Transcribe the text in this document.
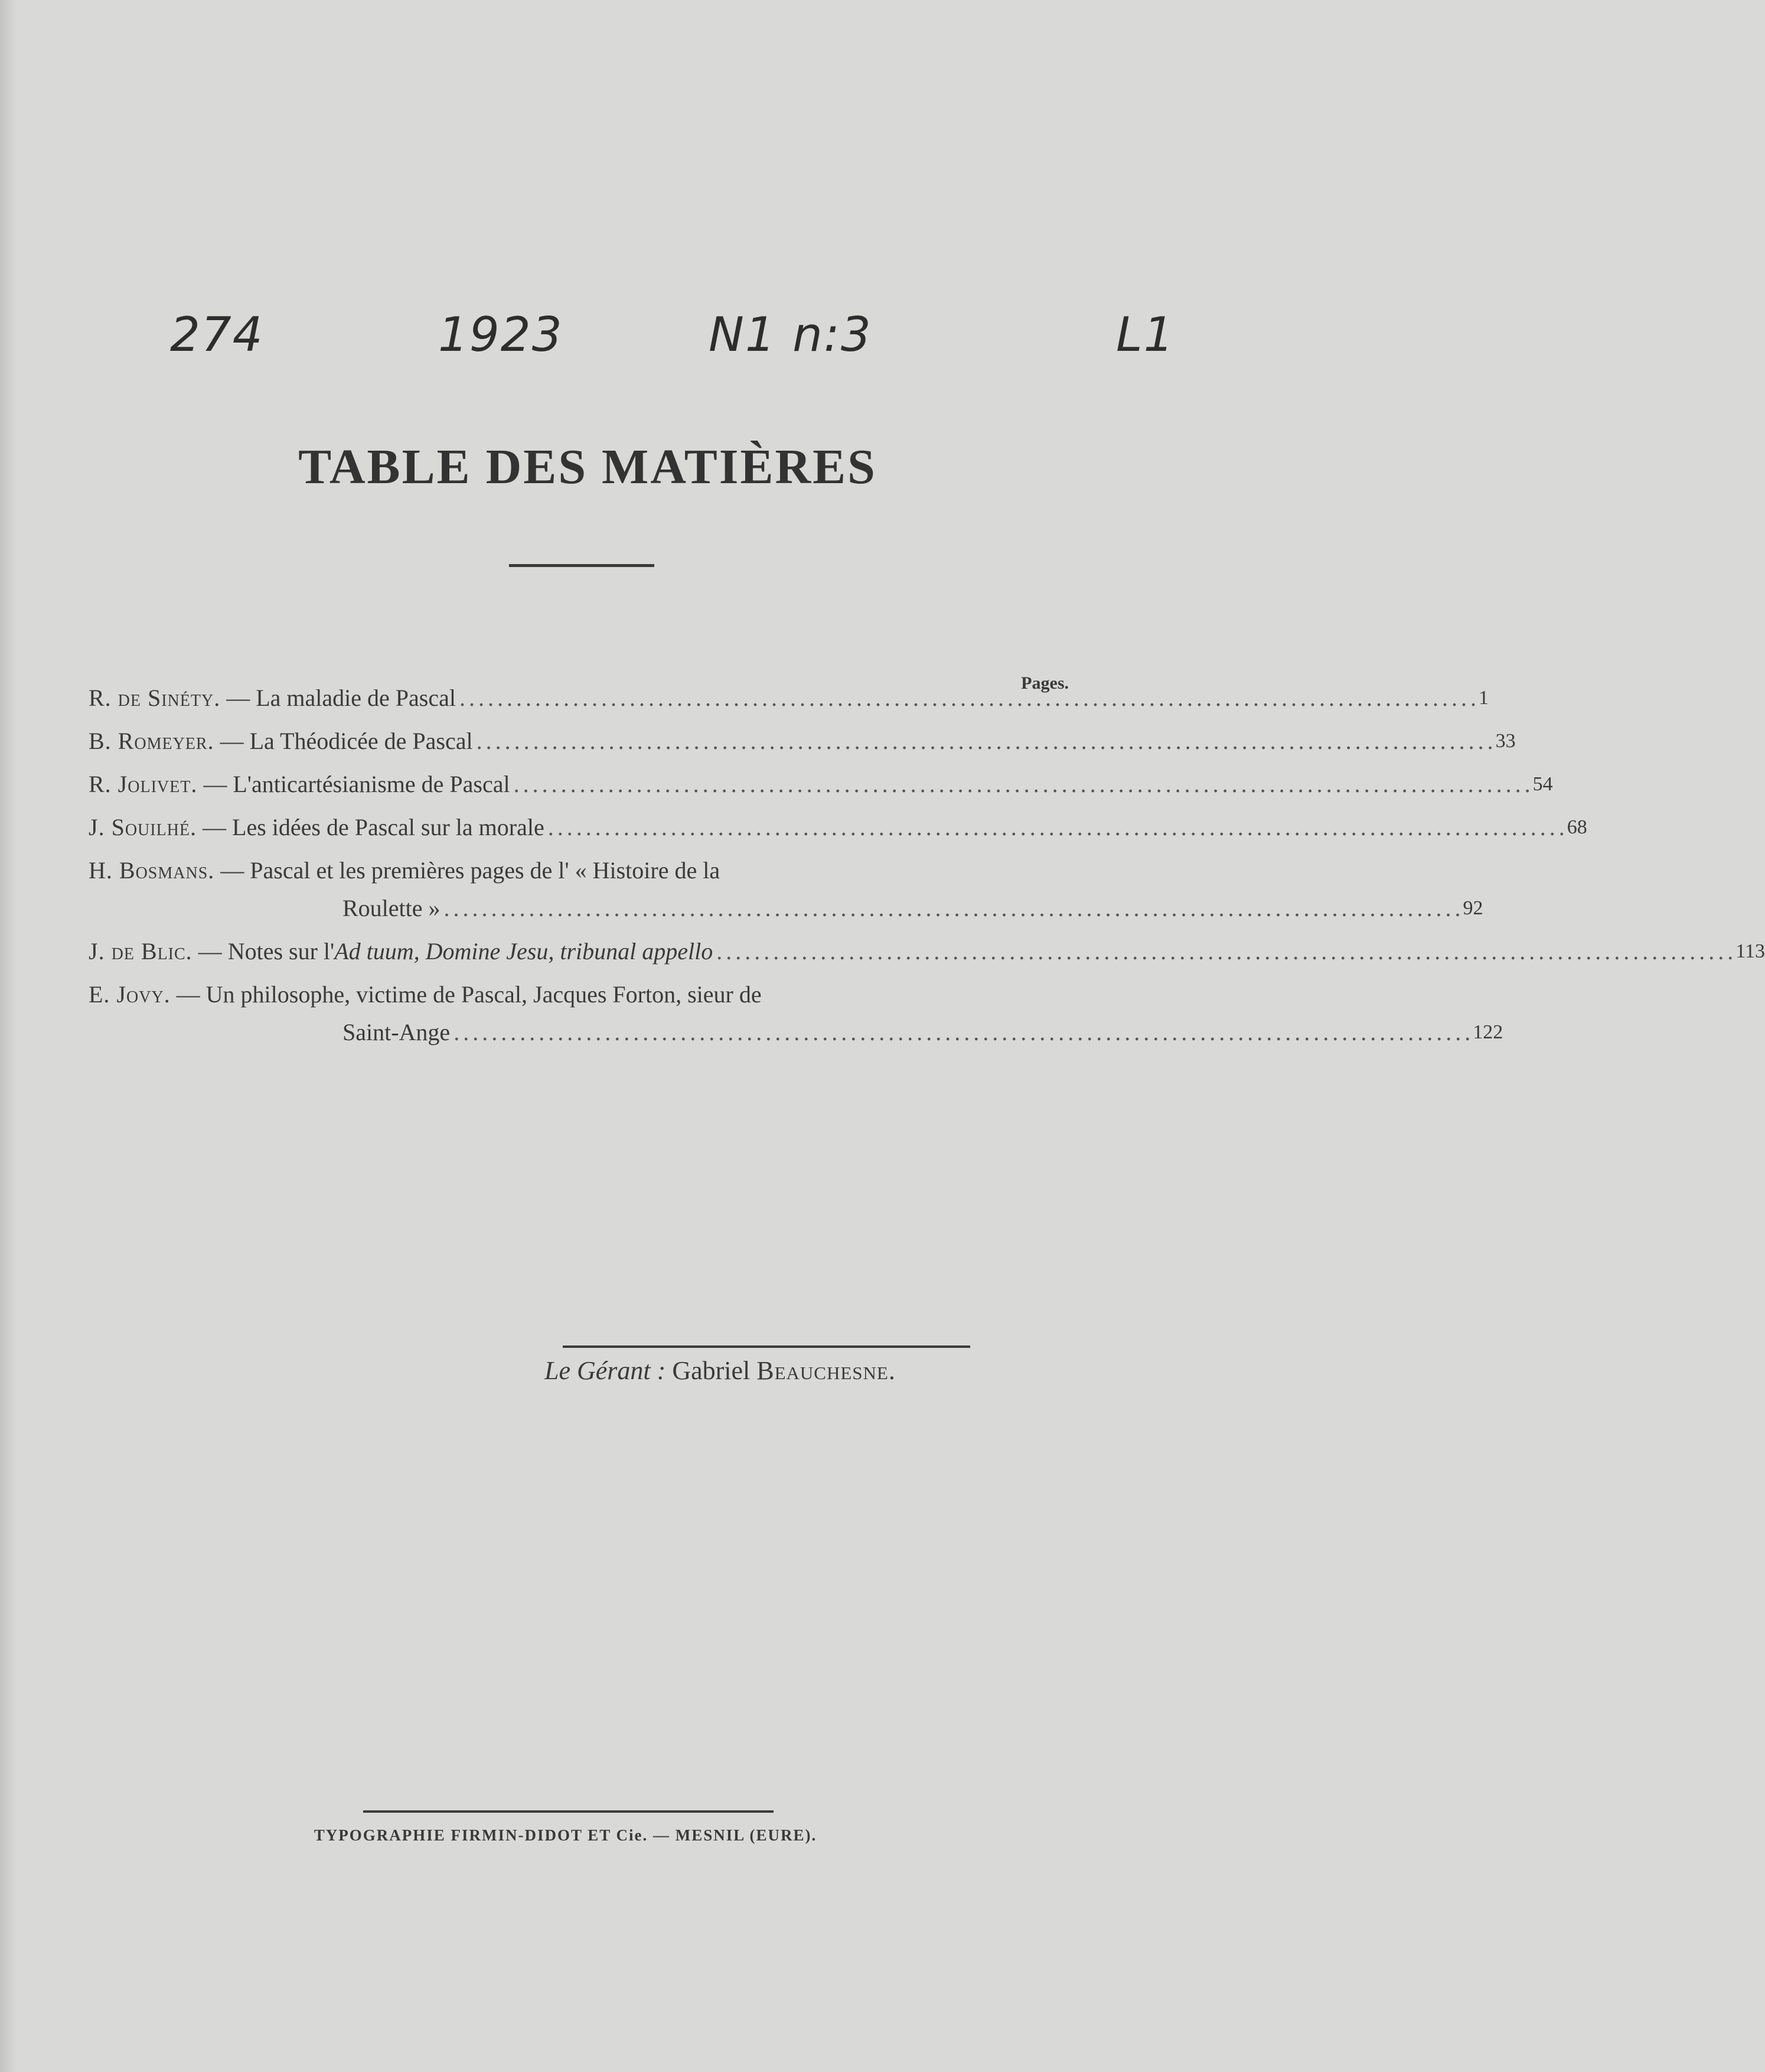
274	1923	N1 n:3	L1
TABLE DES MATIÈRES
Pages.
R. de Sinéty. — La maladie de Pascal . . .	1
B. Romeyer. — La Théodicée de Pascal . . .	33
R. Jolivet. — L'anticartésianisme de Pascal . . .	54
J. Souilhé. — Les idées de Pascal sur la morale . . .	68
H. Bosmans. — Pascal et les premières pages de l' « Histoire de la
Roulette » . . .	92
J. de Blic. — Notes sur l' Ad tuum, Domine Jesu, tribunal appello . . .	113
E. Jovy. — Un philosophe, victime de Pascal, Jacques Forton, sieur de
Saint-Ange . . .	122
Le Gérant : Gabriel Beauchesne.
TYPOGRAPHIE FIRMIN-DIDOT ET Cie. — MESNIL (EURE).
